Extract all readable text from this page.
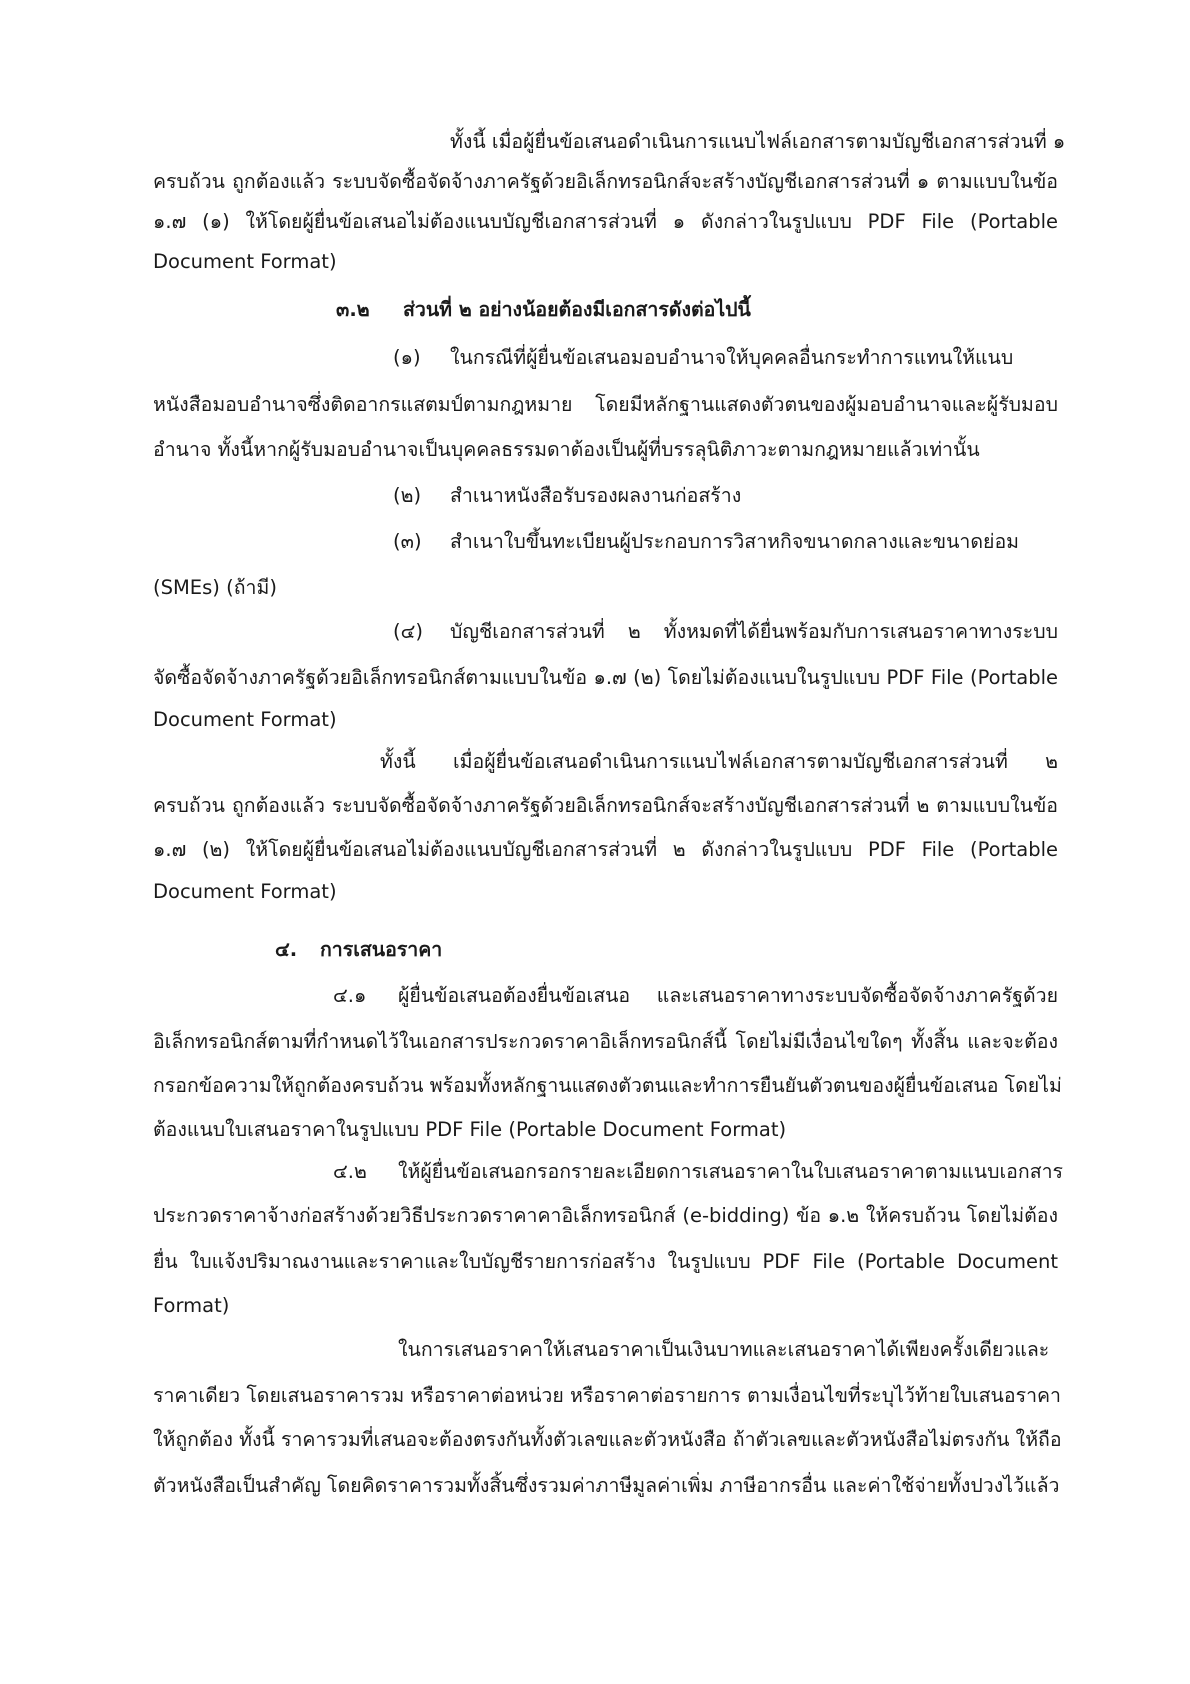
ทั้งนี้ เมื่อผู้ยื่นข้อเสนอดำเนินการแนบไฟล์เอกสารตามบัญชีเอกสารส่วนที่ ๑
ครบถ้วน ถูกต้องแล้ว ระบบจัดซื้อจัดจ้างภาครัฐด้วยอิเล็กทรอนิกส์จะสร้างบัญชีเอกสารส่วนที่ ๑ ตามแบบในข้อ
๑.๗ (๑) ให้โดยผู้ยื่นข้อเสนอไม่ต้องแนบบัญชีเอกสารส่วนที่ ๑ ดังกล่าวในรูปแบบ PDF File (Portable
Document Format)
๓.๒ ส่วนที่ ๒ อย่างน้อยต้องมีเอกสารดังต่อไปนี้
(๑) ในกรณีที่ผู้ยื่นข้อเสนอมอบอำนาจให้บุคคลอื่นกระทำการแทนให้แนบ
หนังสือมอบอำนาจซึ่งติดอากรแสตมป์ตามกฎหมาย โดยมีหลักฐานแสดงตัวตนของผู้มอบอำนาจและผู้รับมอบ
อำนาจ ทั้งนี้หากผู้รับมอบอำนาจเป็นบุคคลธรรมดาต้องเป็นผู้ที่บรรลุนิติภาวะตามกฎหมายแล้วเท่านั้น
(๒) สำเนาหนังสือรับรองผลงานก่อสร้าง
(๓) สำเนาใบขึ้นทะเบียนผู้ประกอบการวิสาหกิจขนาดกลางและขนาดย่อม
(SMEs) (ถ้ามี)
(๔) บัญชีเอกสารส่วนที่ ๒ ทั้งหมดที่ได้ยื่นพร้อมกับการเสนอราคาทางระบบ
จัดซื้อจัดจ้างภาครัฐด้วยอิเล็กทรอนิกส์ตามแบบในข้อ ๑.๗ (๒) โดยไม่ต้องแนบในรูปแบบ PDF File (Portable
Document Format)
ทั้งนี้ เมื่อผู้ยื่นข้อเสนอดำเนินการแนบไฟล์เอกสารตามบัญชีเอกสารส่วนที่ ๒
ครบถ้วน ถูกต้องแล้ว ระบบจัดซื้อจัดจ้างภาครัฐด้วยอิเล็กทรอนิกส์จะสร้างบัญชีเอกสารส่วนที่ ๒ ตามแบบในข้อ
๑.๗ (๒) ให้โดยผู้ยื่นข้อเสนอไม่ต้องแนบบัญชีเอกสารส่วนที่ ๒ ดังกล่าวในรูปแบบ PDF File (Portable
Document Format)
๔. การเสนอราคา
๔.๑ ผู้ยื่นข้อเสนอต้องยื่นข้อเสนอ และเสนอราคาทางระบบจัดซื้อจัดจ้างภาครัฐด้วย
อิเล็กทรอนิกส์ตามที่กำหนดไว้ในเอกสารประกวดราคาอิเล็กทรอนิกส์นี้ โดยไม่มีเงื่อนไขใดๆ ทั้งสิ้น และจะต้อง
กรอกข้อความให้ถูกต้องครบถ้วน พร้อมทั้งหลักฐานแสดงตัวตนและทำการยืนยันตัวตนของผู้ยื่นข้อเสนอ โดยไม่
ต้องแนบใบเสนอราคาในรูปแบบ PDF File (Portable Document Format)
๔.๒ ให้ผู้ยื่นข้อเสนอกรอกรายละเอียดการเสนอราคาในใบเสนอราคาตามแนบเอกสาร
ประกวดราคาจ้างก่อสร้างด้วยวิธีประกวดราคาคาอิเล็กทรอนิกส์ (e-bidding) ข้อ ๑.๒ ให้ครบถ้วน โดยไม่ต้อง
ยื่น ใบแจ้งปริมาณงานและราคาและใบบัญชีรายการก่อสร้าง ในรูปแบบ PDF File (Portable Document
Format)
ในการเสนอราคาให้เสนอราคาเป็นเงินบาทและเสนอราคาได้เพียงครั้งเดียวและ
ราคาเดียว โดยเสนอราคารวม หรือราคาต่อหน่วย หรือราคาต่อรายการ ตามเงื่อนไขที่ระบุไว้ท้ายใบเสนอราคา
ให้ถูกต้อง ทั้งนี้ ราคารวมที่เสนอจะต้องตรงกันทั้งตัวเลขและตัวหนังสือ ถ้าตัวเลขและตัวหนังสือไม่ตรงกัน ให้ถือ
ตัวหนังสือเป็นสำคัญ โดยคิดราคารวมทั้งสิ้นซึ่งรวมค่าภาษีมูลค่าเพิ่ม ภาษีอากรอื่น และค่าใช้จ่ายทั้งปวงไว้แล้ว
